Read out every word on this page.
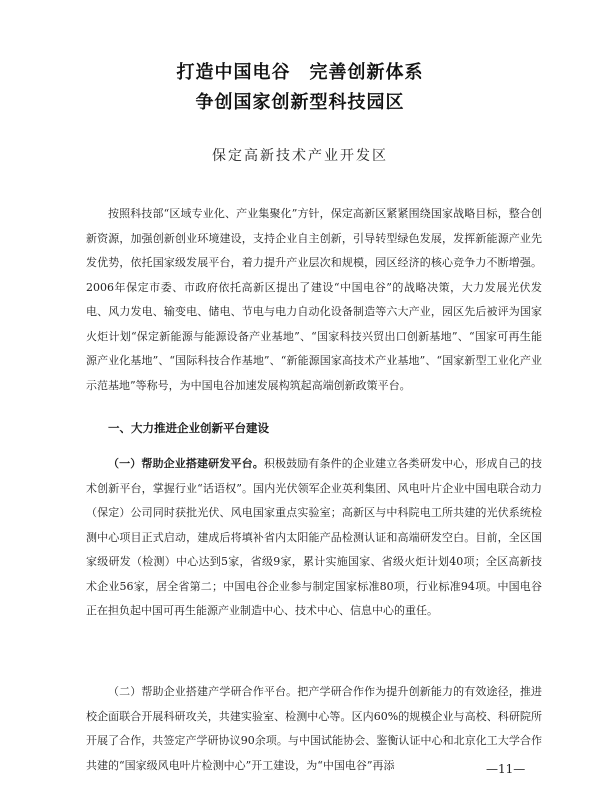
打造中国电谷　完善创新体系
争创国家创新型科技园区
保定高新技术产业开发区

按照科技部“区域专业化、产业集聚化”方针，保定高新区紧紧围绕国家战略目标，整合创新资源，加强创新创业环境建设，支持企业自主创新，引导转型绿色发展，发挥新能源产业先发优势，依托国家级发展平台，着力提升产业层次和规模，园区经济的核心竞争力不断增强。2006年保定市委、市政府依托高新区提出了建设“中国电谷”的战略决策，大力发展光伏发电、风力发电、输变电、储电、节电与电力自动化设备制造等六大产业，园区先后被评为国家火炬计划“保定新能源与能源设备产业基地”、“国家科技兴贸出口创新基地”、“国家可再生能源产业化基地”、“国际科技合作基地”、“新能源国家高技术产业基地”、“国家新型工业化产业示范基地”等称号，为中国电谷加速发展构筑起高端创新政策平台。

一、大力推进企业创新平台建设

（一）帮助企业搭建研发平台。积极鼓励有条件的企业建立各类研发中心，形成自己的技术创新平台，掌握行业“话语权”。国内光伏领军企业英利集团、风电叶片企业中国电联合动力（保定）公司同时获批光伏、风电国家重点实验室；高新区与中科院电工所共建的光伏系统检测中心项目正式启动，建成后将填补省内太阳能产品检测认证和高端研发空白。目前，全区国家级研发（检测）中心达到5家，省级9家，累计实施国家、省级火炬计划40项；全区高新技术企业56家，居全省第二；中国电谷企业参与制定国家标准80项，行业标准94项。中国电谷正在担负起中国可再生能源产业制造中心、技术中心、信息中心的重任。

（二）帮助企业搭建产学研合作平台。把产学研合作作为提升创新能力的有效途径，推进校企面联合开展科研攻关，共建实验室、检测中心等。区内60%的规模企业与高校、科研院所开展了合作，共签定产学研协议90余项。与中国试能协会、鉴衡认证中心和北京化工大学合作共建的“国家级风电叶片检测中心”开工建设，为“中国电谷”再添	—11—
